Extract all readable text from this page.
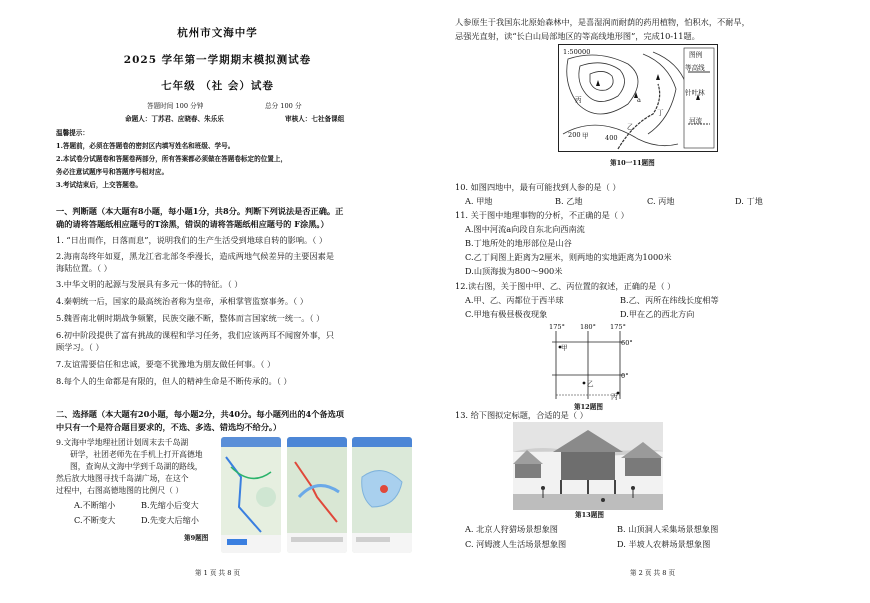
杭州市文海中学
2025 学年第一学期期末模拟测试卷
七年级 （社 会）试卷
答题时间 100 分钟	总分 100 分
命题人：丁苏君、应晓春、朱乐乐	审核人：七社备课组
温馨提示：
1.答题前，必须在答题卷的密封区内填写姓名和班级、学号。
2.本试卷分试题卷和答题卷两部分，所有答案都必须做在答题卷标定的位置上，
务必注意试题序号和答题序号相对应。
3.考试结束后，上交答题卷。
一、判断题（本大题有8小题，每小题1分，共8分。判断下列说法是否正确。正
确的请将答题纸相应题号的T涂黑，错误的请将答题纸相应题号的 F涂黑。）
1. “日出而作，日落而息”，说明我们的生产生活受到地球自转的影响。（ ）
2.海南岛终年如夏，黑龙江省北部冬季漫长，造成两地气候差异的主要因素是
海陆位置。（ ）
3.中华文明的起源与发展具有多元一体的特征。（ ）
4.秦朝统一后，国家的最高统治者称为皇帝，承相掌管监察事务。（ ）
5.魏晋南北朝时期战争频繁，民族交融不断，整体而言国家统一统一。（ ）
6.初中阶段提供了富有挑战的课程和学习任务，我们应该两耳不闻窗外事，只
顾学习。（ ）
7.友谊需要信任和忠诚，要毫不犹豫地为朋友做任何事。（ ）
8.每个人的生命都是有限的，但人的精神生命是不断传承的。（ ）
二、选择题（本大题有20小题，每小题2分，共40分。每小题列出的4个备选项
中只有一个是符合题目要求的，不选、多选、错选均不给分。）
9.文海中学地理社团计划周末去千岛湖
研学，社团老师先在手机上打开高德地
图，查询从文海中学到千岛湖的路线，
然后放大地图寻找千岛湖广场，在这个
过程中，右图高德地图的比例尺（ ）
A.不断缩小	B.先缩小后变大
C.不断变大	D.先变大后缩小
第9题图
第 1 页 共 8 页
人参原生于我国东北原始森林中，是喜湿润而耐荫的药用植物，怕积水，不耐旱，
忌强光直射，读“长白山局部地区的等高线地形图”，完成10-11题。
1:50000	图例
等高线
针叶林
河流
甲
乙
丙
丁
a
200	400
第10一11题图
10. 如图四地中，最有可能找到人参的是（ ）
A. 甲地	B. 乙地	C. 丙地	D. 丁地
11. 关于图中地理事物的分析，不正确的是（ ）
A.图中河流a向段自东北向西南流
B.丁地所处的地形部位是山谷
C.乙丁间图上距离为2厘米，则两地的实地距离为1000米
D.山顶海拔为800～900米
12.读右图，关于图中甲、乙、丙位置的叙述，正确的是（ ）
A.甲、乙、丙都位于西半球	B.乙、丙所在纬线长度相等
C.甲地有极昼极夜现象	D.甲在乙的西北方向
175° 180° 175°
60°
0°
甲
乙
丙
第12题图
13. 给下图拟定标题，合适的是（ ）
第13题图
A. 北京人狩猎场景想象图	B. 山顶洞人采集场景想象图
C. 河姆渡人生活场景想象图	D. 半坡人农耕场景想象图
第 2 页 共 8 页
